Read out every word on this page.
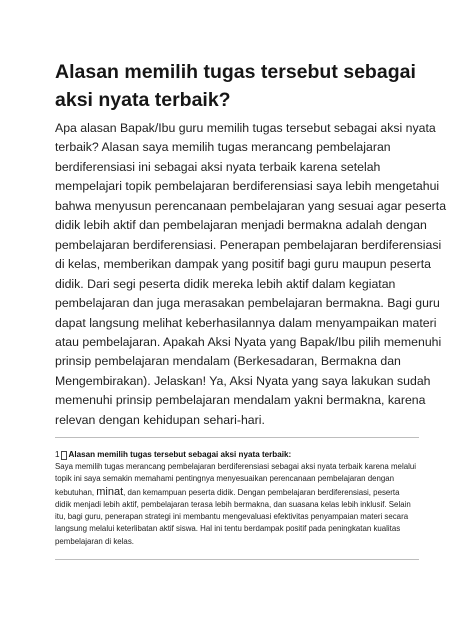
Alasan memilih tugas tersebut sebagai aksi nyata terbaik?
Apa alasan Bapak/Ibu guru memilih tugas tersebut sebagai aksi nyata
terbaik? Alasan saya memilih tugas merancang pembelajaran
berdiferensiasi ini sebagai aksi nyata terbaik karena setelah
mempelajari topik pembelajaran berdiferensiasi saya lebih mengetahui
bahwa menyusun perencanaan pembelajaran yang sesuai agar peserta
didik lebih aktif dan pembelajaran menjadi bermakna adalah dengan
pembelajaran berdiferensiasi. Penerapan pembelajaran berdiferensiasi
di kelas, memberikan dampak yang positif bagi guru maupun peserta
didik. Dari segi peserta didik mereka lebih aktif dalam kegiatan
pembelajaran dan juga merasakan pembelajaran bermakna. Bagi guru
dapat langsung melihat keberhasilannya dalam menyampaikan materi
atau pembelajaran. Apakah Aksi Nyata yang Bapak/Ibu pilih memenuhi
prinsip pembelajaran mendalam (Berkesadaran, Bermakna dan
Mengembirakan). Jelaskan! Ya, Aksi Nyata yang saya lakukan sudah
memenuhi prinsip pembelajaran mendalam yakni bermakna, karena
relevan dengan kehidupan sehari-hari.
1 Alasan memilih tugas tersebut sebagai aksi nyata terbaik:
Saya memilih tugas merancang pembelajaran berdiferensiasi sebagai aksi nyata terbaik karena melalui
topik ini saya semakin memahami pentingnya menyesuaikan perencanaan pembelajaran dengan
kebutuhan, minat, dan kemampuan peserta didik. Dengan pembelajaran berdiferensiasi, peserta
didik menjadi lebih aktif, pembelajaran terasa lebih bermakna, dan suasana kelas lebih inklusif. Selain
itu, bagi guru, penerapan strategi ini membantu mengevaluasi efektivitas penyampaian materi secara
langsung melalui keterlibatan aktif siswa. Hal ini tentu berdampak positif pada peningkatan kualitas
pembelajaran di kelas.
